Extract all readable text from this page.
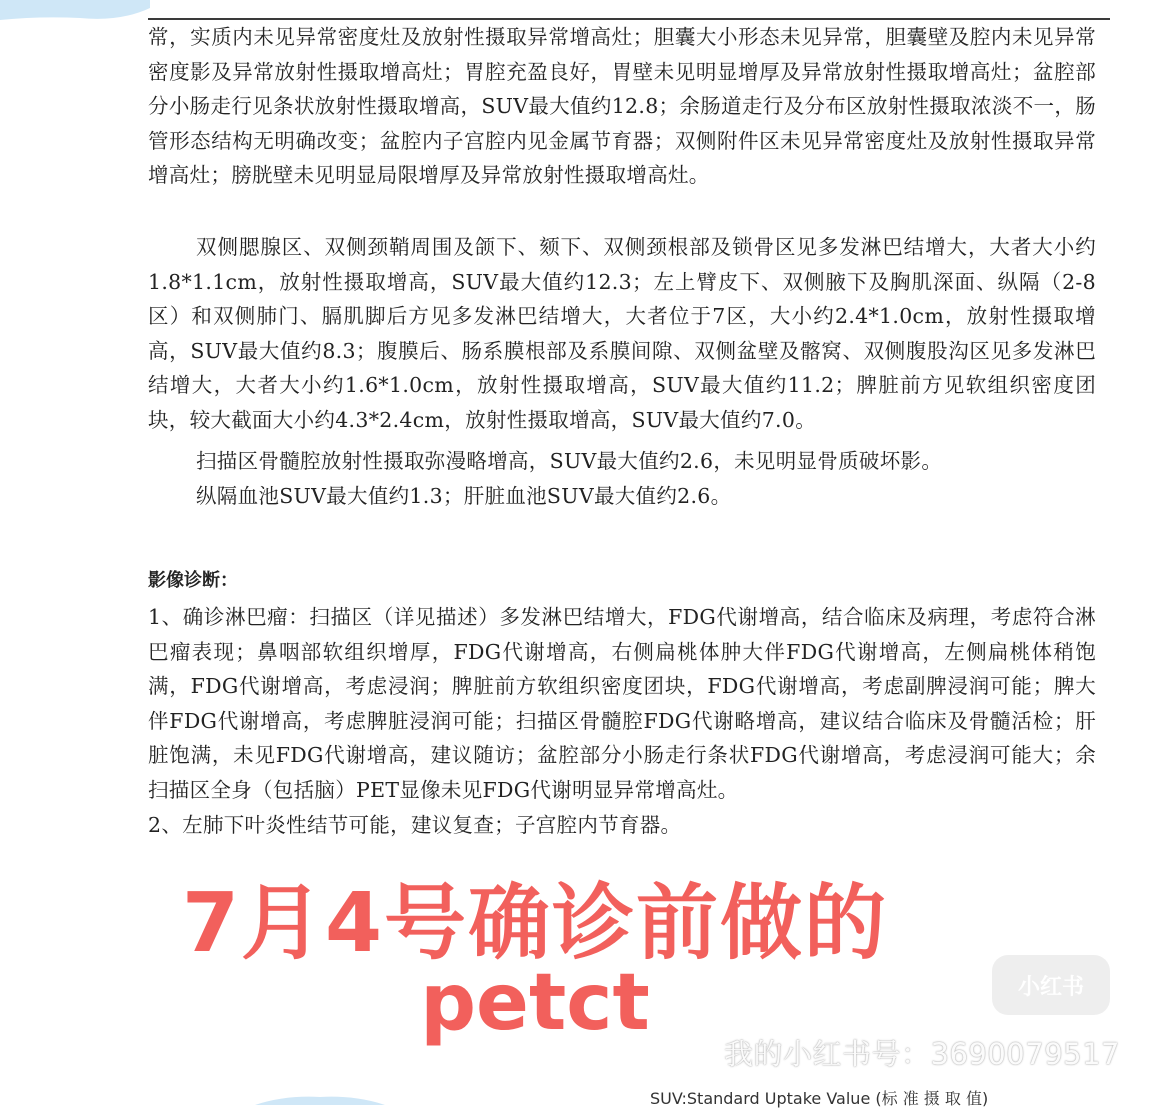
常，实质内未见异常密度灶及放射性摄取异常增高灶；胆囊大小形态未见异常，胆囊壁及腔内未见异常密度影及异常放射性摄取增高灶；胃腔充盈良好，胃壁未见明显增厚及异常放射性摄取增高灶；盆腔部分小肠走行见条状放射性摄取增高，SUV最大值约12.8；余肠道走行及分布区放射性摄取浓淡不一，肠管形态结构无明确改变；盆腔内子宫腔内见金属节育器；双侧附件区未见异常密度灶及放射性摄取异常增高灶；膀胱壁未见明显局限增厚及异常放射性摄取增高灶。

双侧腮腺区、双侧颈鞘周围及颌下、颏下、双侧颈根部及锁骨区见多发淋巴结增大，大者大小约1.8*1.1cm，放射性摄取增高，SUV最大值约12.3；左上臂皮下、双侧腋下及胸肌深面、纵隔（2-8区）和双侧肺门、膈肌脚后方见多发淋巴结增大，大者位于7区，大小约2.4*1.0cm，放射性摄取增高，SUV最大值约8.3；腹膜后、肠系膜根部及系膜间隙、双侧盆壁及髂窝、双侧腹股沟区见多发淋巴结增大，大者大小约1.6*1.0cm，放射性摄取增高，SUV最大值约11.2；脾脏前方见软组织密度团块，较大截面大小约4.3*2.4cm，放射性摄取增高，SUV最大值约7.0。

扫描区骨髓腔放射性摄取弥漫略增高，SUV最大值约2.6，未见明显骨质破坏影。

纵隔血池SUV最大值约1.3；肝脏血池SUV最大值约2.6。

影像诊断：

1、确诊淋巴瘤：扫描区（详见描述）多发淋巴结增大，FDG代谢增高，结合临床及病理，考虑符合淋巴瘤表现；鼻咽部软组织增厚，FDG代谢增高，右侧扁桃体肿大伴FDG代谢增高，左侧扁桃体稍饱满，FDG代谢增高，考虑浸润；脾脏前方软组织密度团块，FDG代谢增高，考虑副脾浸润可能；脾大伴FDG代谢增高，考虑脾脏浸润可能；扫描区骨髓腔FDG代谢略增高，建议结合临床及骨髓活检；肝脏饱满，未见FDG代谢增高，建议随访；盆腔部分小肠走行条状FDG代谢增高，考虑浸润可能大；余扫描区全身（包括脑）PET显像未见FDG代谢明显异常增高灶。

2、左肺下叶炎性结节可能，建议复查；子宫腔内节育器。

7月4号确诊前做的
petct	小红书
我的小红书号：3690079517
SUV:Standard Uptake Value (标 准 摄 取 值)
